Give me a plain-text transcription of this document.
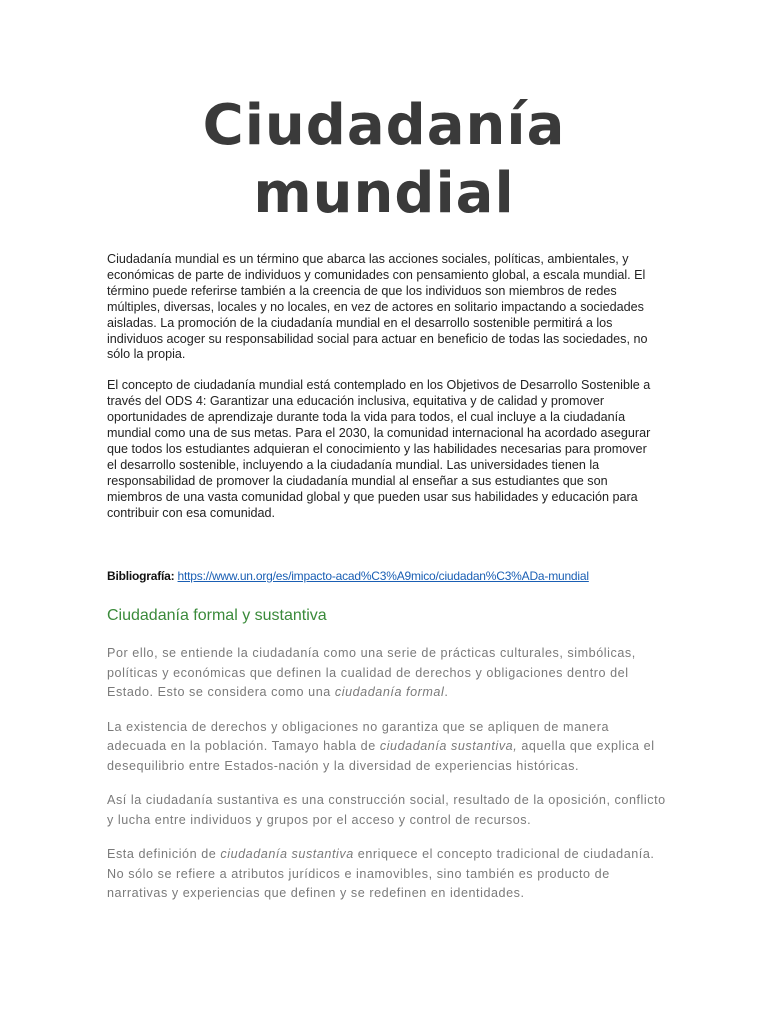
Ciudadanía
mundial

Ciudadanía mundial es un término que abarca las acciones sociales, políticas, ambientales, y económicas de parte de individuos y comunidades con pensamiento global, a escala mundial. El término puede referirse también a la creencia de que los individuos son miembros de redes múltiples, diversas, locales y no locales, en vez de actores en solitario impactando a sociedades aisladas. La promoción de la ciudadanía mundial en el desarrollo sostenible permitirá a los individuos acoger su responsabilidad social para actuar en beneficio de todas las sociedades, no sólo la propia.

El concepto de ciudadanía mundial está contemplado en los Objetivos de Desarrollo Sostenible a través del ODS 4: Garantizar una educación inclusiva, equitativa y de calidad y promover oportunidades de aprendizaje durante toda la vida para todos, el cual incluye a la ciudadanía mundial como una de sus metas. Para el 2030, la comunidad internacional ha acordado asegurar que todos los estudiantes adquieran el conocimiento y las habilidades necesarias para promover el desarrollo sostenible, incluyendo a la ciudadanía mundial. Las universidades tienen la responsabilidad de promover la ciudadanía mundial al enseñar a sus estudiantes que son miembros de una vasta comunidad global y que pueden usar sus habilidades y educación para contribuir con esa comunidad.

Bibliografía: https://www.un.org/es/impacto-acad%C3%A9mico/ciudadan%C3%ADa-mundial
Ciudadanía formal y sustantiva

Por ello, se entiende la ciudadanía como una serie de prácticas culturales, simbólicas, políticas y económicas que definen la cualidad de derechos y obligaciones dentro del Estado. Esto se considera como una ciudadanía formal.

La existencia de derechos y obligaciones no garantiza que se apliquen de manera adecuada en la población. Tamayo habla de ciudadanía sustantiva, aquella que explica el desequilibrio entre Estados-nación y la diversidad de experiencias históricas.

Así la ciudadanía sustantiva es una construcción social, resultado de la oposición, conflicto y lucha entre individuos y grupos por el acceso y control de recursos.

Esta definición de ciudadanía sustantiva enriquece el concepto tradicional de ciudadanía. No sólo se refiere a atributos jurídicos e inamovibles, sino también es producto de narrativas y experiencias que definen y se redefinen en identidades.
